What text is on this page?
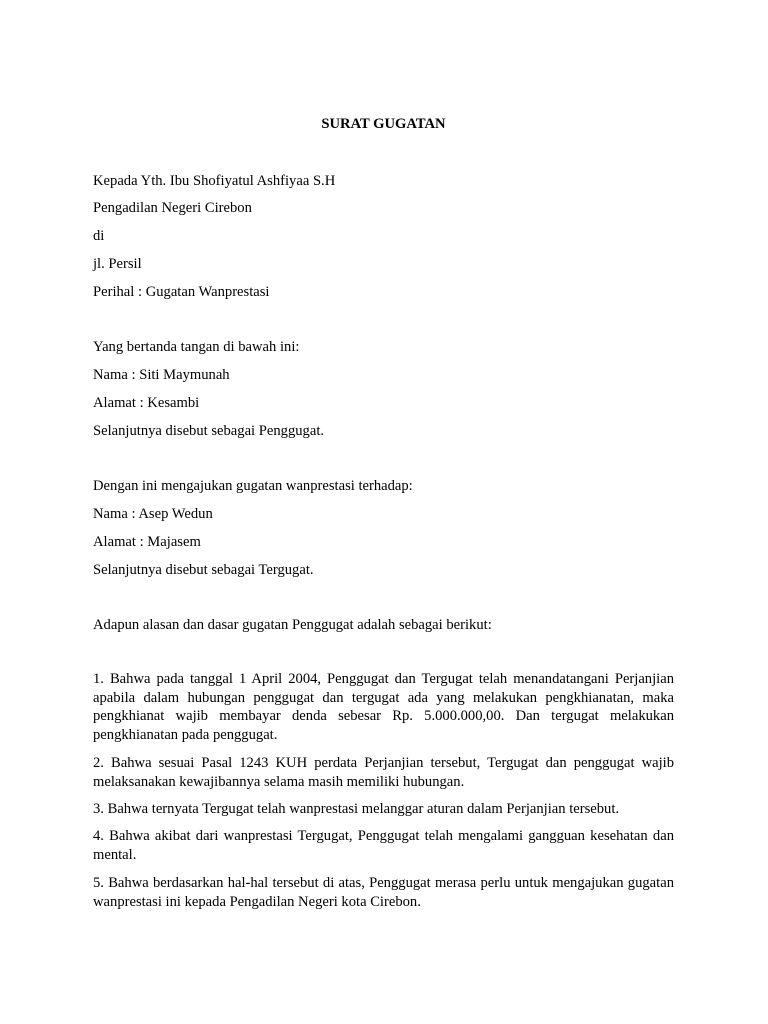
SURAT GUGATAN
Kepada Yth. Ibu Shofiyatul Ashfiyaa S.H
Pengadilan Negeri Cirebon
di
jl. Persil
Perihal : Gugatan Wanprestasi
Yang bertanda tangan di bawah ini:
Nama : Siti Maymunah
Alamat : Kesambi
Selanjutnya disebut sebagai Penggugat.
Dengan ini mengajukan gugatan wanprestasi terhadap:
Nama : Asep Wedun
Alamat : Majasem
Selanjutnya disebut sebagai Tergugat.
Adapun alasan dan dasar gugatan Penggugat adalah sebagai berikut:
1. Bahwa pada tanggal 1 April 2004, Penggugat dan Tergugat telah menandatangani Perjanjian apabila dalam hubungan penggugat dan tergugat ada yang melakukan pengkhianatan, maka pengkhianat wajib membayar denda sebesar Rp. 5.000.000,00. Dan tergugat melakukan pengkhianatan pada penggugat.
2. Bahwa sesuai Pasal 1243 KUH perdata Perjanjian tersebut, Tergugat dan penggugat wajib melaksanakan kewajibannya selama masih memiliki hubungan.
3. Bahwa ternyata Tergugat telah wanprestasi melanggar aturan dalam Perjanjian tersebut.
4. Bahwa akibat dari wanprestasi Tergugat, Penggugat telah mengalami gangguan kesehatan dan mental.
5. Bahwa berdasarkan hal-hal tersebut di atas, Penggugat merasa perlu untuk mengajukan gugatan wanprestasi ini kepada Pengadilan Negeri kota Cirebon.
